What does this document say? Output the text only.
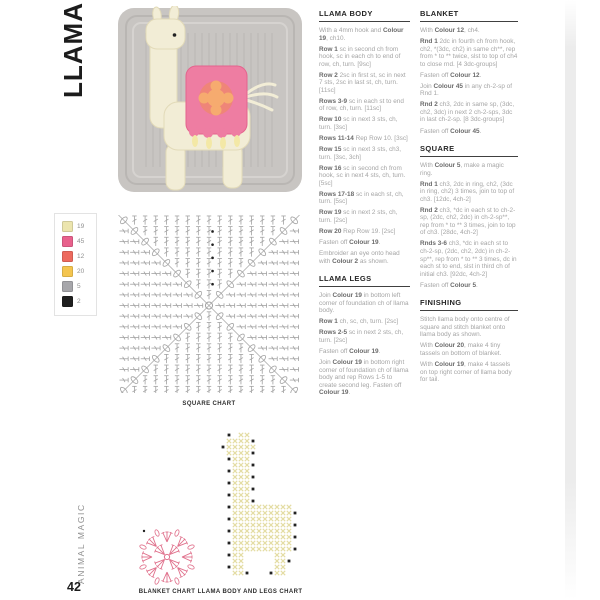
LLAMA
19
45
12
20
5
2
SQUARE CHART
BLANKET CHART LLAMA BODY AND LEGS CHART
LLAMA BODY

With a 4mm hook and Colour 19, ch10.

Row 1 sc in second ch from hook, sc in each ch to end of row, ch, turn. [9sc]

Row 2 2sc in first st, sc in next 7 sts, 2sc in last st, ch, turn. [11sc]

Rows 3-9 sc in each st to end of row, ch, turn. [11sc]

Row 10 sc in next 3 sts, ch, turn. [3sc]

Rows 11-14 Rep Row 10. [3sc]

Row 15 sc in next 3 sts, ch3, turn. [3sc, 3ch]

Row 16 sc in second ch from hook, sc in next 4 sts, ch, turn. [5sc]

Rows 17-18 sc in each st, ch, turn. [5sc]

Row 19 sc in next 2 sts, ch, turn. [2sc]

Row 20 Rep Row 19. [2sc]

Fasten off Colour 19.

Embroider an eye onto head with Colour 2 as shown.

LLAMA LEGS

Join Colour 19 in bottom left corner of foundation ch of llama body.

Row 1 ch, sc, ch, turn. [2sc]

Rows 2-5 sc in next 2 sts, ch, turn. [2sc]

Fasten off Colour 19.

Join Colour 19 in bottom right corner of foundation ch of llama body and rep Rows 1-5 to create second leg. Fasten off Colour 19.

BLANKET

With Colour 12, ch4.

Rnd 1 2dc in fourth ch from hook, ch2, *(3dc, ch2) in same ch**, rep from * to ** twice, slst to top of ch4 to close rnd. [4 3dc-groups]

Fasten off Colour 12.

Join Colour 45 in any ch-2-sp of Rnd 1.

Rnd 2 ch3, 2dc in same sp, (3dc, ch2, 3dc) in next 2 ch-2-sps, 3dc in last ch-2-sp. [8 3dc-groups]

Fasten off Colour 45.

SQUARE

With Colour 5, make a magic ring.

Rnd 1 ch3, 2dc in ring, ch2, (3dc in ring, ch2) 3 times, join to top of ch3. [12dc, 4ch-2]

Rnd 2 ch3, *dc in each st to ch-2-sp, (2dc, ch2, 2dc) in ch-2-sp**, rep from * to ** 3 times, join to top of ch3. [28dc, 4ch-2]

Rnds 3-6 ch3, *dc in each st to ch-2-sp, (2dc, ch2, 2dc) in ch-2-sp**, rep from * to ** 3 times, dc in each st to end, slst in third ch of initial ch3. [92dc, 4ch-2]

Fasten off Colour 5.

FINISHING

Stitch llama body onto centre of square and stitch blanket onto llama body as shown.

With Colour 20, make 4 tiny tassels on bottom of blanket.

With Colour 19, make 4 tassels on top right corner of llama body for tail.

ANIMAL MAGIC
42
